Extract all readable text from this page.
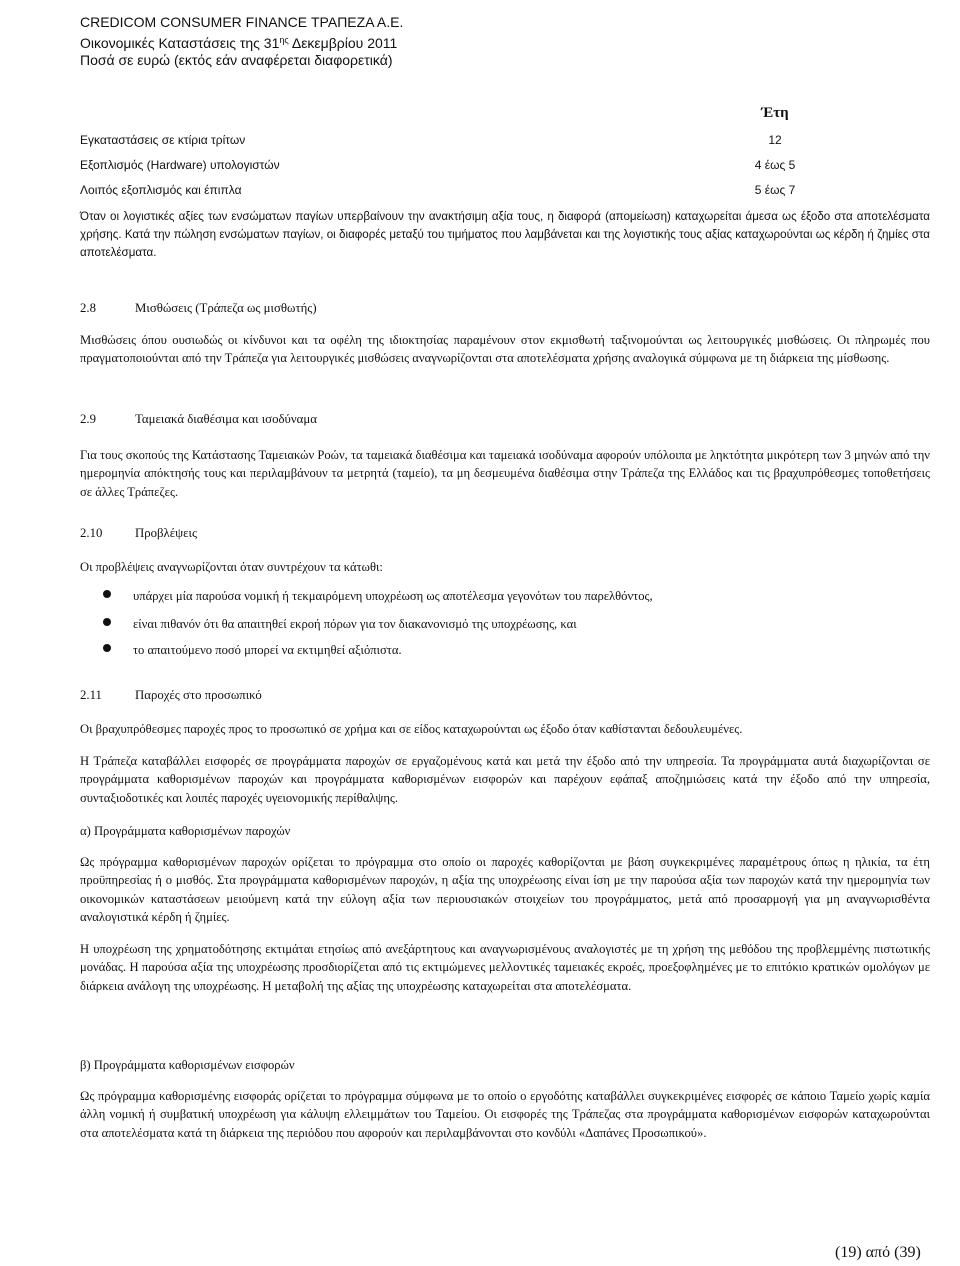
CREDICOM CONSUMER FINANCE ΤΡΑΠΕΖΑ Α.Ε.
Οικονομικές Καταστάσεις της $31^{\eta\varsigma}$ Δεκεμβρίου 2011
Ποσά σε ευρώ (εκτός εάν αναφέρεται διαφορετικά)
Έτη
Εγκαταστάσεις σε κτίρια τρίτων	12
Εξοπλισμός (Hardware) υπολογιστών	4 έως 5
Λοιπός εξοπλισμός και έπιπλα	5 έως 7
Όταν οι λογιστικές αξίες των ενσώματων παγίων υπερβαίνουν την ανακτήσιμη αξία τους, η διαφορά (απομείωση) καταχωρείται άμεσα ως έξοδο στα αποτελέσματα χρήσης. Κατά την πώληση ενσώματων παγίων, οι διαφορές μεταξύ του τιμήματος που λαμβάνεται και της λογιστικής τους αξίας καταχωρούνται ως κέρδη ή ζημίες στα αποτελέσματα.
2.8	Μισθώσεις (Τράπεζα ως μισθωτής)
Μισθώσεις όπου ουσιωδώς οι κίνδυνοι και τα οφέλη της ιδιοκτησίας παραμένουν στον εκμισθωτή ταξινομούνται ως λειτουργικές μισθώσεις. Οι πληρωμές που πραγματοποιούνται από την Τράπεζα για λειτουργικές μισθώσεις αναγνωρίζονται στα αποτελέσματα χρήσης αναλογικά σύμφωνα με τη διάρκεια της μίσθωσης.
2.9	Ταμειακά διαθέσιμα και ισοδύναμα
Για τους σκοπούς της Κατάστασης Ταμειακών Ροών, τα ταμειακά διαθέσιμα και ταμειακά ισοδύναμα αφορούν υπόλοιπα με ληκτότητα μικρότερη των 3 μηνών από την ημερομηνία απόκτησής τους και περιλαμβάνουν τα μετρητά (ταμείο), τα μη δεσμευμένα διαθέσιμα στην Τράπεζα της Ελλάδος και τις βραχυπρόθεσμες τοποθετήσεις σε άλλες Τράπεζες.
2.10	Προβλέψεις
Οι προβλέψεις αναγνωρίζονται όταν συντρέχουν τα κάτωθι:
υπάρχει μία παρούσα νομική ή τεκμαιρόμενη υποχρέωση ως αποτέλεσμα γεγονότων του παρελθόντος,
είναι πιθανόν ότι θα απαιτηθεί εκροή πόρων για τον διακανονισμό της υποχρέωσης, και
το απαιτούμενο ποσό μπορεί να εκτιμηθεί αξιόπιστα.
2.11	Παροχές στο προσωπικό
Οι βραχυπρόθεσμες παροχές προς το προσωπικό σε χρήμα και σε είδος καταχωρούνται ως έξοδο όταν καθίστανται δεδουλευμένες.
Η Τράπεζα καταβάλλει εισφορές σε προγράμματα παροχών σε εργαζομένους κατά και μετά την έξοδο από την υπηρεσία. Τα προγράμματα αυτά διαχωρίζονται σε προγράμματα καθορισμένων παροχών και προγράμματα καθορισμένων εισφορών και παρέχουν εφάπαξ αποζημιώσεις κατά την έξοδο από την υπηρεσία, συνταξιοδοτικές και λοιπές παροχές υγειονομικής περίθαλψης.
α) Προγράμματα καθορισμένων παροχών
Ως πρόγραμμα καθορισμένων παροχών ορίζεται το πρόγραμμα στο οποίο οι παροχές καθορίζονται με βάση συγκεκριμένες παραμέτρους όπως η ηλικία, τα έτη προϋπηρεσίας ή ο μισθός. Στα προγράμματα καθορισμένων παροχών, η αξία της υποχρέωσης είναι ίση με την παρούσα αξία των παροχών κατά την ημερομηνία των οικονομικών καταστάσεων μειούμενη κατά την εύλογη αξία των περιουσιακών στοιχείων του προγράμματος, μετά από προσαρμογή για μη αναγνωρισθέντα αναλογιστικά κέρδη ή ζημίες.
Η υποχρέωση της χρηματοδότησης εκτιμάται ετησίως από ανεξάρτητους και αναγνωρισμένους αναλογιστές με τη χρήση της μεθόδου της προβλεμμένης πιστωτικής μονάδας. Η παρούσα αξία της υποχρέωσης προσδιορίζεται από τις εκτιμώμενες μελλοντικές ταμειακές εκροές, προεξοφλημένες με το επιτόκιο κρατικών ομολόγων με διάρκεια ανάλογη της υποχρέωσης. Η μεταβολή της αξίας της υποχρέωσης καταχωρείται στα αποτελέσματα.
β) Προγράμματα καθορισμένων εισφορών
Ως πρόγραμμα καθορισμένης εισφοράς ορίζεται το πρόγραμμα σύμφωνα με το οποίο ο εργοδότης καταβάλλει συγκεκριμένες εισφορές σε κάποιο Ταμείο χωρίς καμία άλλη νομική ή συμβατική υποχρέωση για κάλυψη ελλειμμάτων του Ταμείου. Οι εισφορές της Τράπεζας στα προγράμματα καθορισμένων εισφορών καταχωρούνται στα αποτελέσματα κατά τη διάρκεια της περιόδου που αφορούν και περιλαμβάνονται στο κονδύλι «Δαπάνες Προσωπικού».
(19) από (39)
